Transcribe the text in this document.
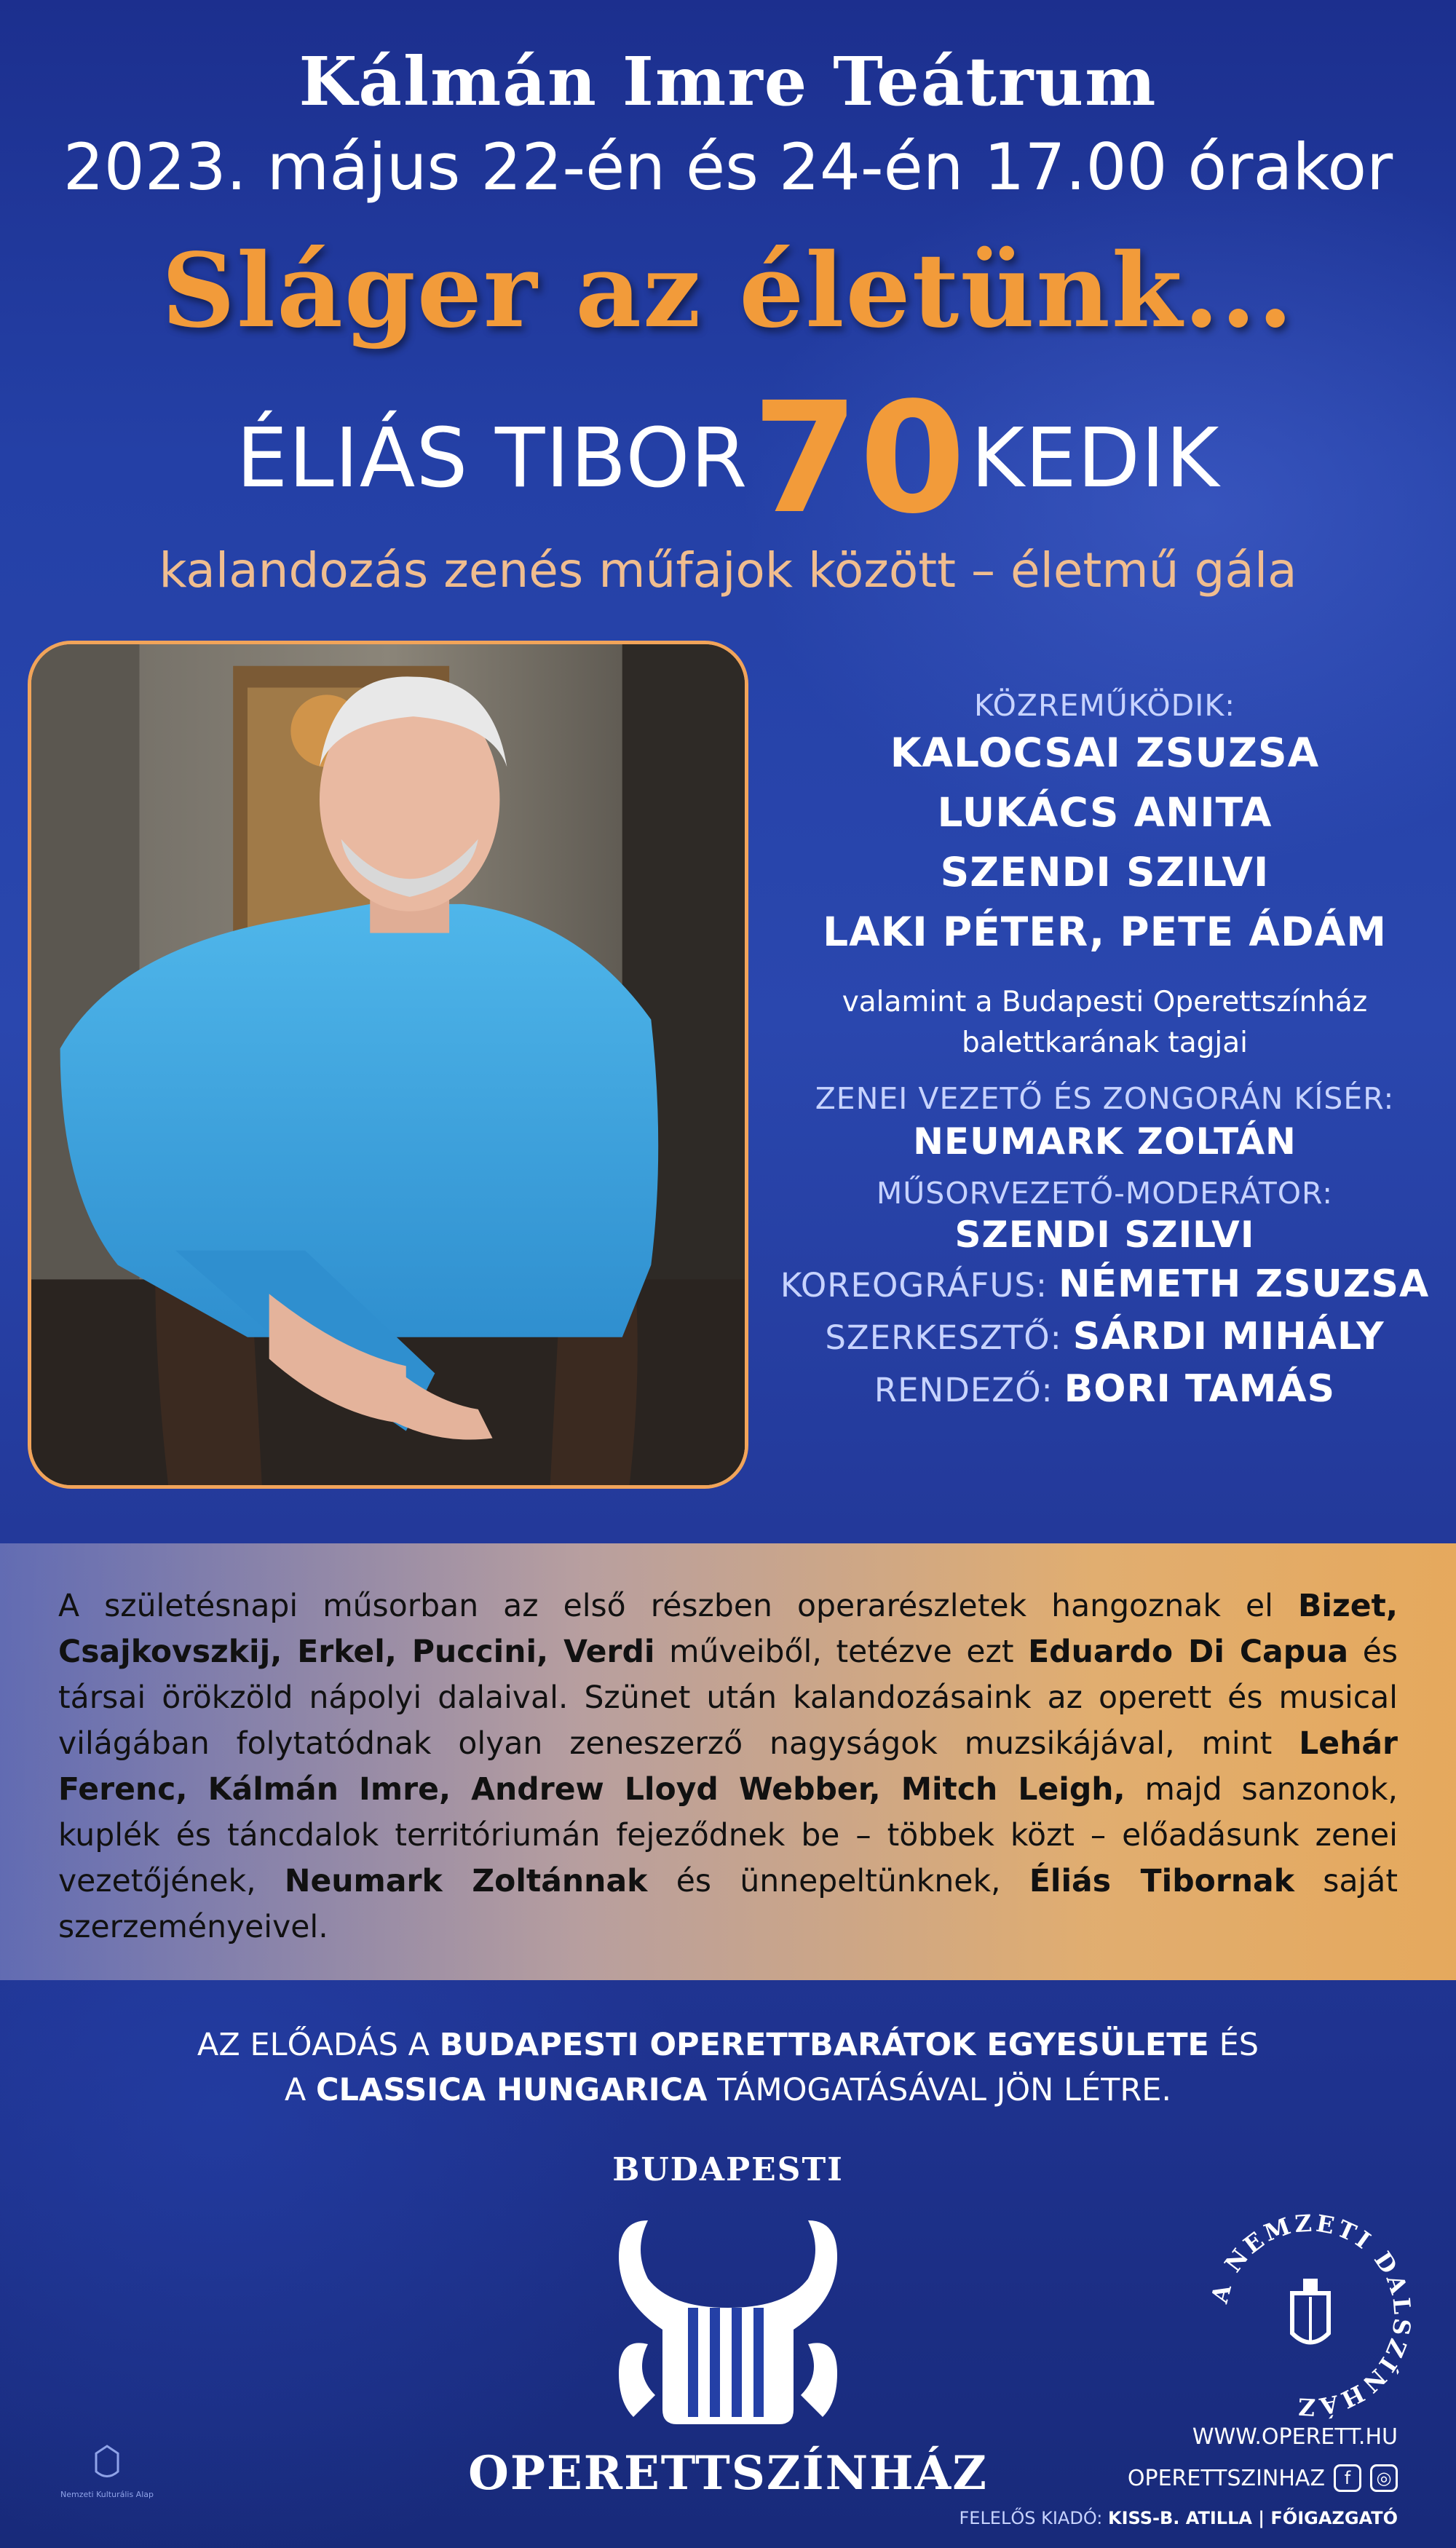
Kálmán Imre Teátrum
2023. május 22-én és 24-én 17.00 órakor
Sláger az életünk...
ÉLIÁS TIBOR 70 KEDIK
kalandozás zenés műfajok között – életmű gála
KÖZREMŰKÖDIK:
KALOCSAI ZSUZSA
LUKÁCS ANITA
SZENDI SZILVI
LAKI PÉTER, PETE ÁDÁM
valamint a Budapesti Operettszínház
balettkarának tagjai
ZENEI VEZETŐ ÉS ZONGORÁN KÍSÉR:
NEUMARK ZOLTÁN
MŰSORVEZETŐ-MODERÁTOR:
SZENDI SZILVI
KOREOGRÁFUS: NÉMETH ZSUZSA
SZERKESZTŐ: SÁRDI MIHÁLY
RENDEZŐ: BORI TAMÁS

A születésnapi műsorban az első részben operarészletek hangoznak el Bizet, Csajkovszkij, Erkel, Puccini, Verdi műveiből, tetézve ezt Eduardo Di Capua és társai örökzöld nápolyi dalaival. Szünet után kalandozásaink az operett és musical világában folytatódnak olyan zeneszerző nagyságok muzsikájával, mint Lehár Ferenc, Kálmán Imre, Andrew Lloyd Webber, Mitch Leigh, majd sanzonok, kuplék és táncdalok territóriumán fejeződnek be – többek közt – előadásunk zenei vezetőjének, Neumark Zoltánnak és ünnepeltünknek, Éliás Tibornak saját szerzeményeivel.

AZ ELŐADÁS A BUDAPESTI OPERETTBARÁTOK EGYESÜLETE ÉS
A CLASSICA HUNGARICA TÁMOGATÁSÁVAL JÖN LÉTRE.
BUDAPESTI
OPERETTSZÍNHÁZ
A NEMZETI DALSZÍNHÁZ
WWW.OPERETT.HU
OPERETTSZINHAZ	f	◎
FELELŐS KIADÓ: KISS-B. ATILLA | FŐIGAZGATÓ
Nemzeti Kulturális Alap
